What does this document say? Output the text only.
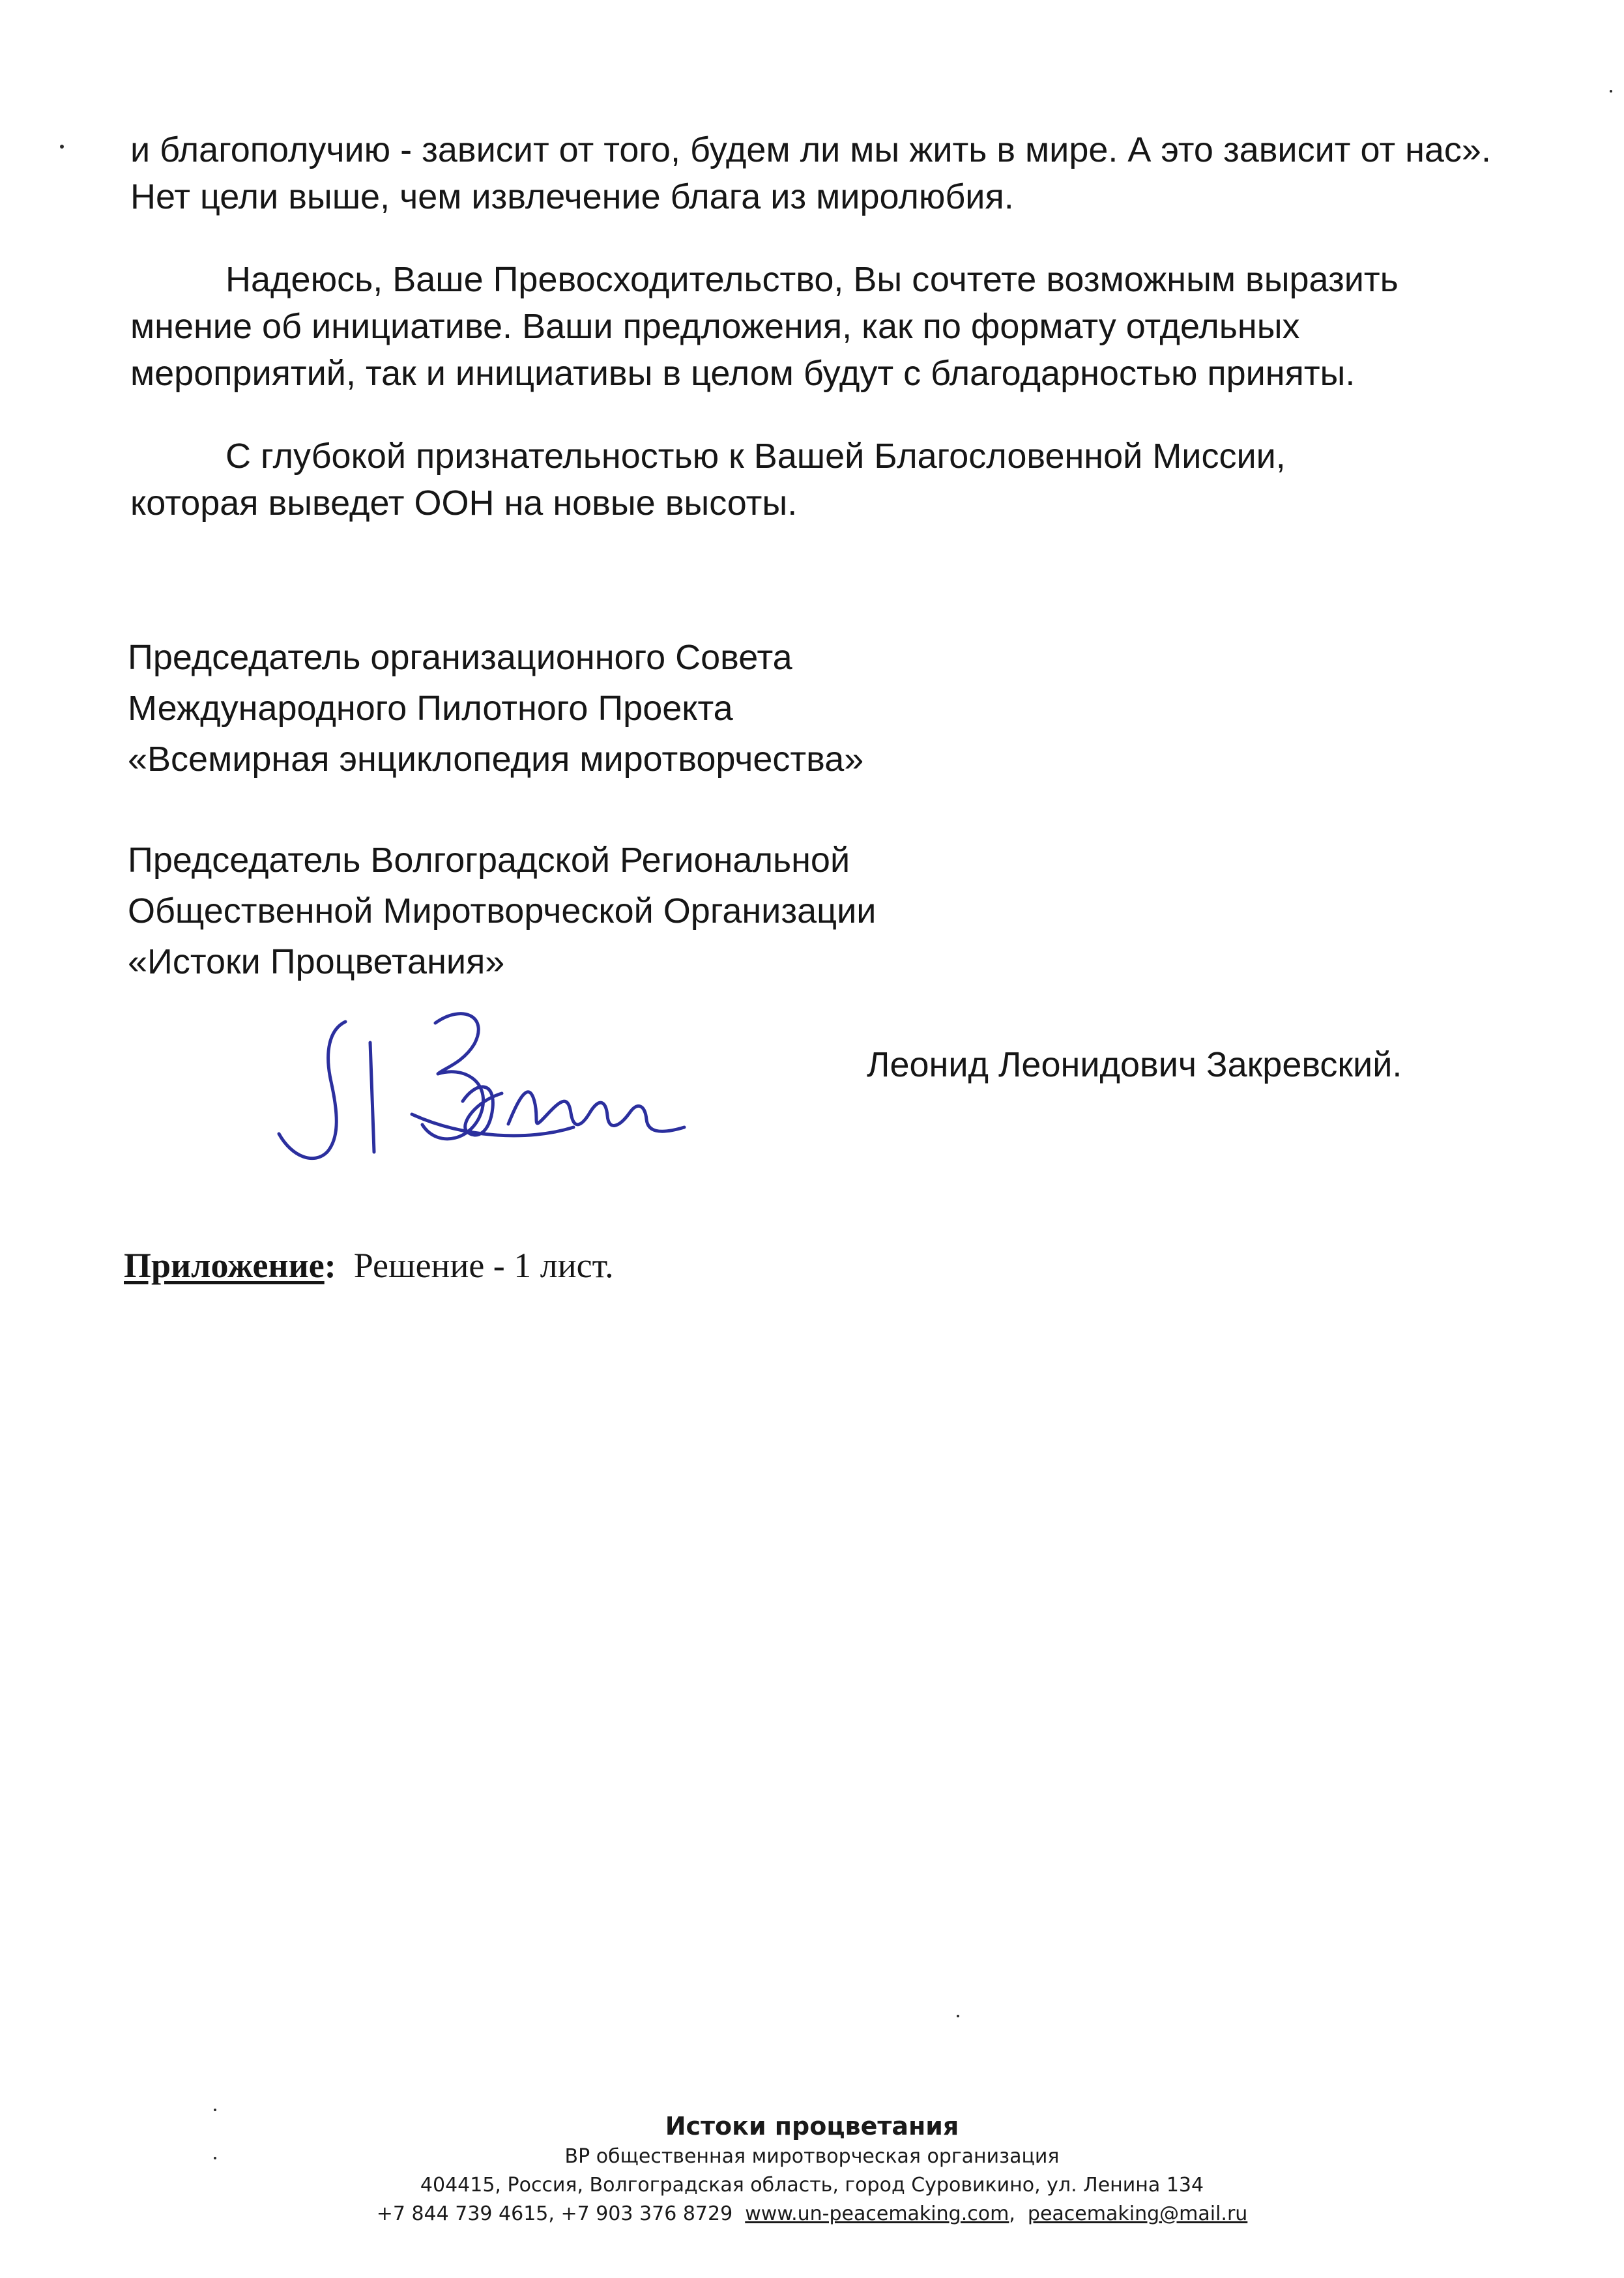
и благополучию - зависит от того, будем ли мы жить в мире. А это зависит от нас». Нет цели выше, чем извлечение блага из миролюбия.

Надеюсь, Ваше Превосходительство, Вы сочтете возможным выразить мнение об инициативе. Ваши предложения, как по формату отдельных мероприятий, так и инициативы в целом будут с благодарностью приняты.

С глубокой признательностью к Вашей Благословенной Миссии,

которая выведет ООН на новые высоты.

Председатель организационного Совета
Международного Пилотного Проекта
«Всемирная энциклопедия миротворчества»
Председатель Волгоградской Региональной
Общественной Миротворческой Организации
«Истоки Процветания»
Леонид Леонидович Закревский.
Приложение: Решение - 1 лист.
Истоки процветания
ВР общественная миротворческая организация
404415, Россия, Волгоградская область, город Суровикино, ул. Ленина 134
+7 844 739 4615, +7 903 376 8729 www.un-peacemaking.com,  peacemaking@mail.ru
